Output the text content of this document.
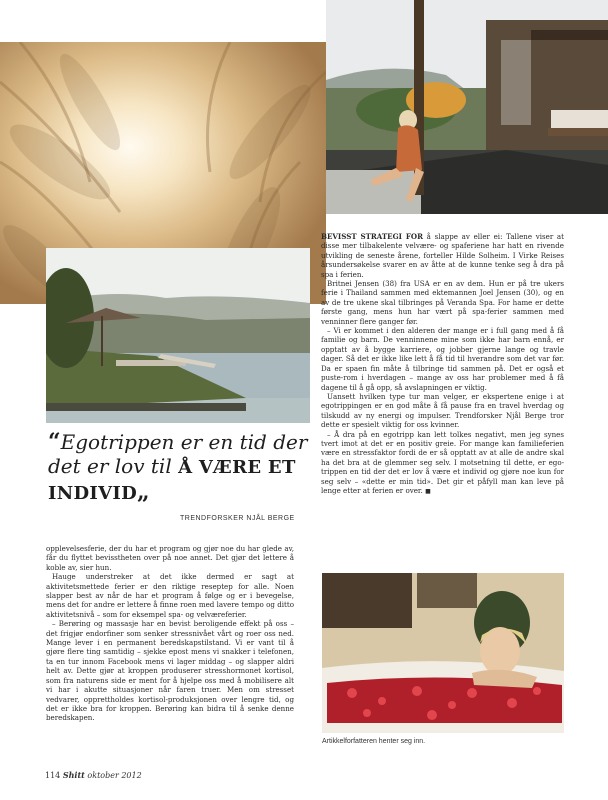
BEVISST STRATEGI FOR å slappe av eller ei: Tallene viser at disse mer tilbakelente velvære- og spaferiene har hatt en rivende utvikling de seneste årene, forteller Hilde Solheim. I Virke Reises årsundersøkelse svarer en av åtte at de kunne tenke seg å dra på spa i ferien.

Britnei Jensen (38) fra USA er en av dem. Hun er på tre ukers ferie i Thailand sammen med ektemannen Joel Jensen (30), og en av de tre ukene skal tilbringes på Veranda Spa. For hame er dette første gang, mens hun har vært på spa-ferier sammen med venninner flere ganger før.

– Vi er kommet i den alderen der mange er i full gang med å få familie og barn. De venninnene mine som ikke har barn ennå, er opptatt av å bygge karriere, og jobber gjerne lange og travle dager. Så det er ikke like lett å få tid til hverandre som det var før. Da er spaen fin måte å tilbringe tid sammen på. Det er også et puste-rom i hverdagen – mange av oss har problemer med å få dagene til å gå opp, så avslapningen er viktig.

Uansett hvilken type tur man velger, er ekspertene enige i at egotrippingen er en god måte å få pause fra en travel hverdag og tilskudd av ny energi og impulser. Trendforsker Njål Berge tror dette er spesielt viktig for oss kvinner.

– Å dra på en egotripp kan lett tolkes negativt, men jeg synes tvert imot at det er en positiv greie. For mange kan familieferien være en stressfaktor fordi de er så opptatt av at alle de andre skal ha det bra at de glemmer seg selv. I motsetning til dette, er ego-trippen en tid der det er lov å være et individ og gjøre noe kun for seg selv – «dette er min tid». Det gir et påfyll man kan leve på lenge etter at ferien er over. ■

“Egotrippen er en tid der det er lov til Å VÆRE ET INDIVID„
TRENDFORSKER NJÅL BERGE

opplevelsesferie, der du har et program og gjør noe du har glede av, får du flyttet bevisstheten over på noe annet. Det gjør det lettere å koble av, sier hun.

Hauge understreker at det ikke dermed er sagt at aktivitetsmettede ferier er den riktige reseptep for alle. Noen slapper best av når de har et program å følge og er i bevegelse, mens det for andre er lettere å finne roen med lavere tempo og ditto aktivitetsnivå – som for eksempel spa- og velværeferier.

– Berøring og massasje har en bevist beroligende effekt på oss – det frigjør endorfiner som senker stressnivået vårt og roer oss ned. Mange lever i en permanent beredskapstilstand. Vi er vant til å gjøre flere ting samtidig – sjekke epost mens vi snakker i telefonen, ta en tur innom Facebook mens vi lager middag – og slapper aldri helt av. Dette gjør at kroppen produserer stresshormonet kortisol, som fra naturens side er ment for å hjelpe oss med å mobilisere alt vi har i akutte situasjoner når faren truer. Men om stresset vedvarer, opprettholdes kortisol-produksjonen over lengre tid, og det er ikke bra for kroppen. Berøring kan bidra til å senke denne beredskapen.

Artikkelforfatteren henter seg inn.
114 Shitt oktober 2012
